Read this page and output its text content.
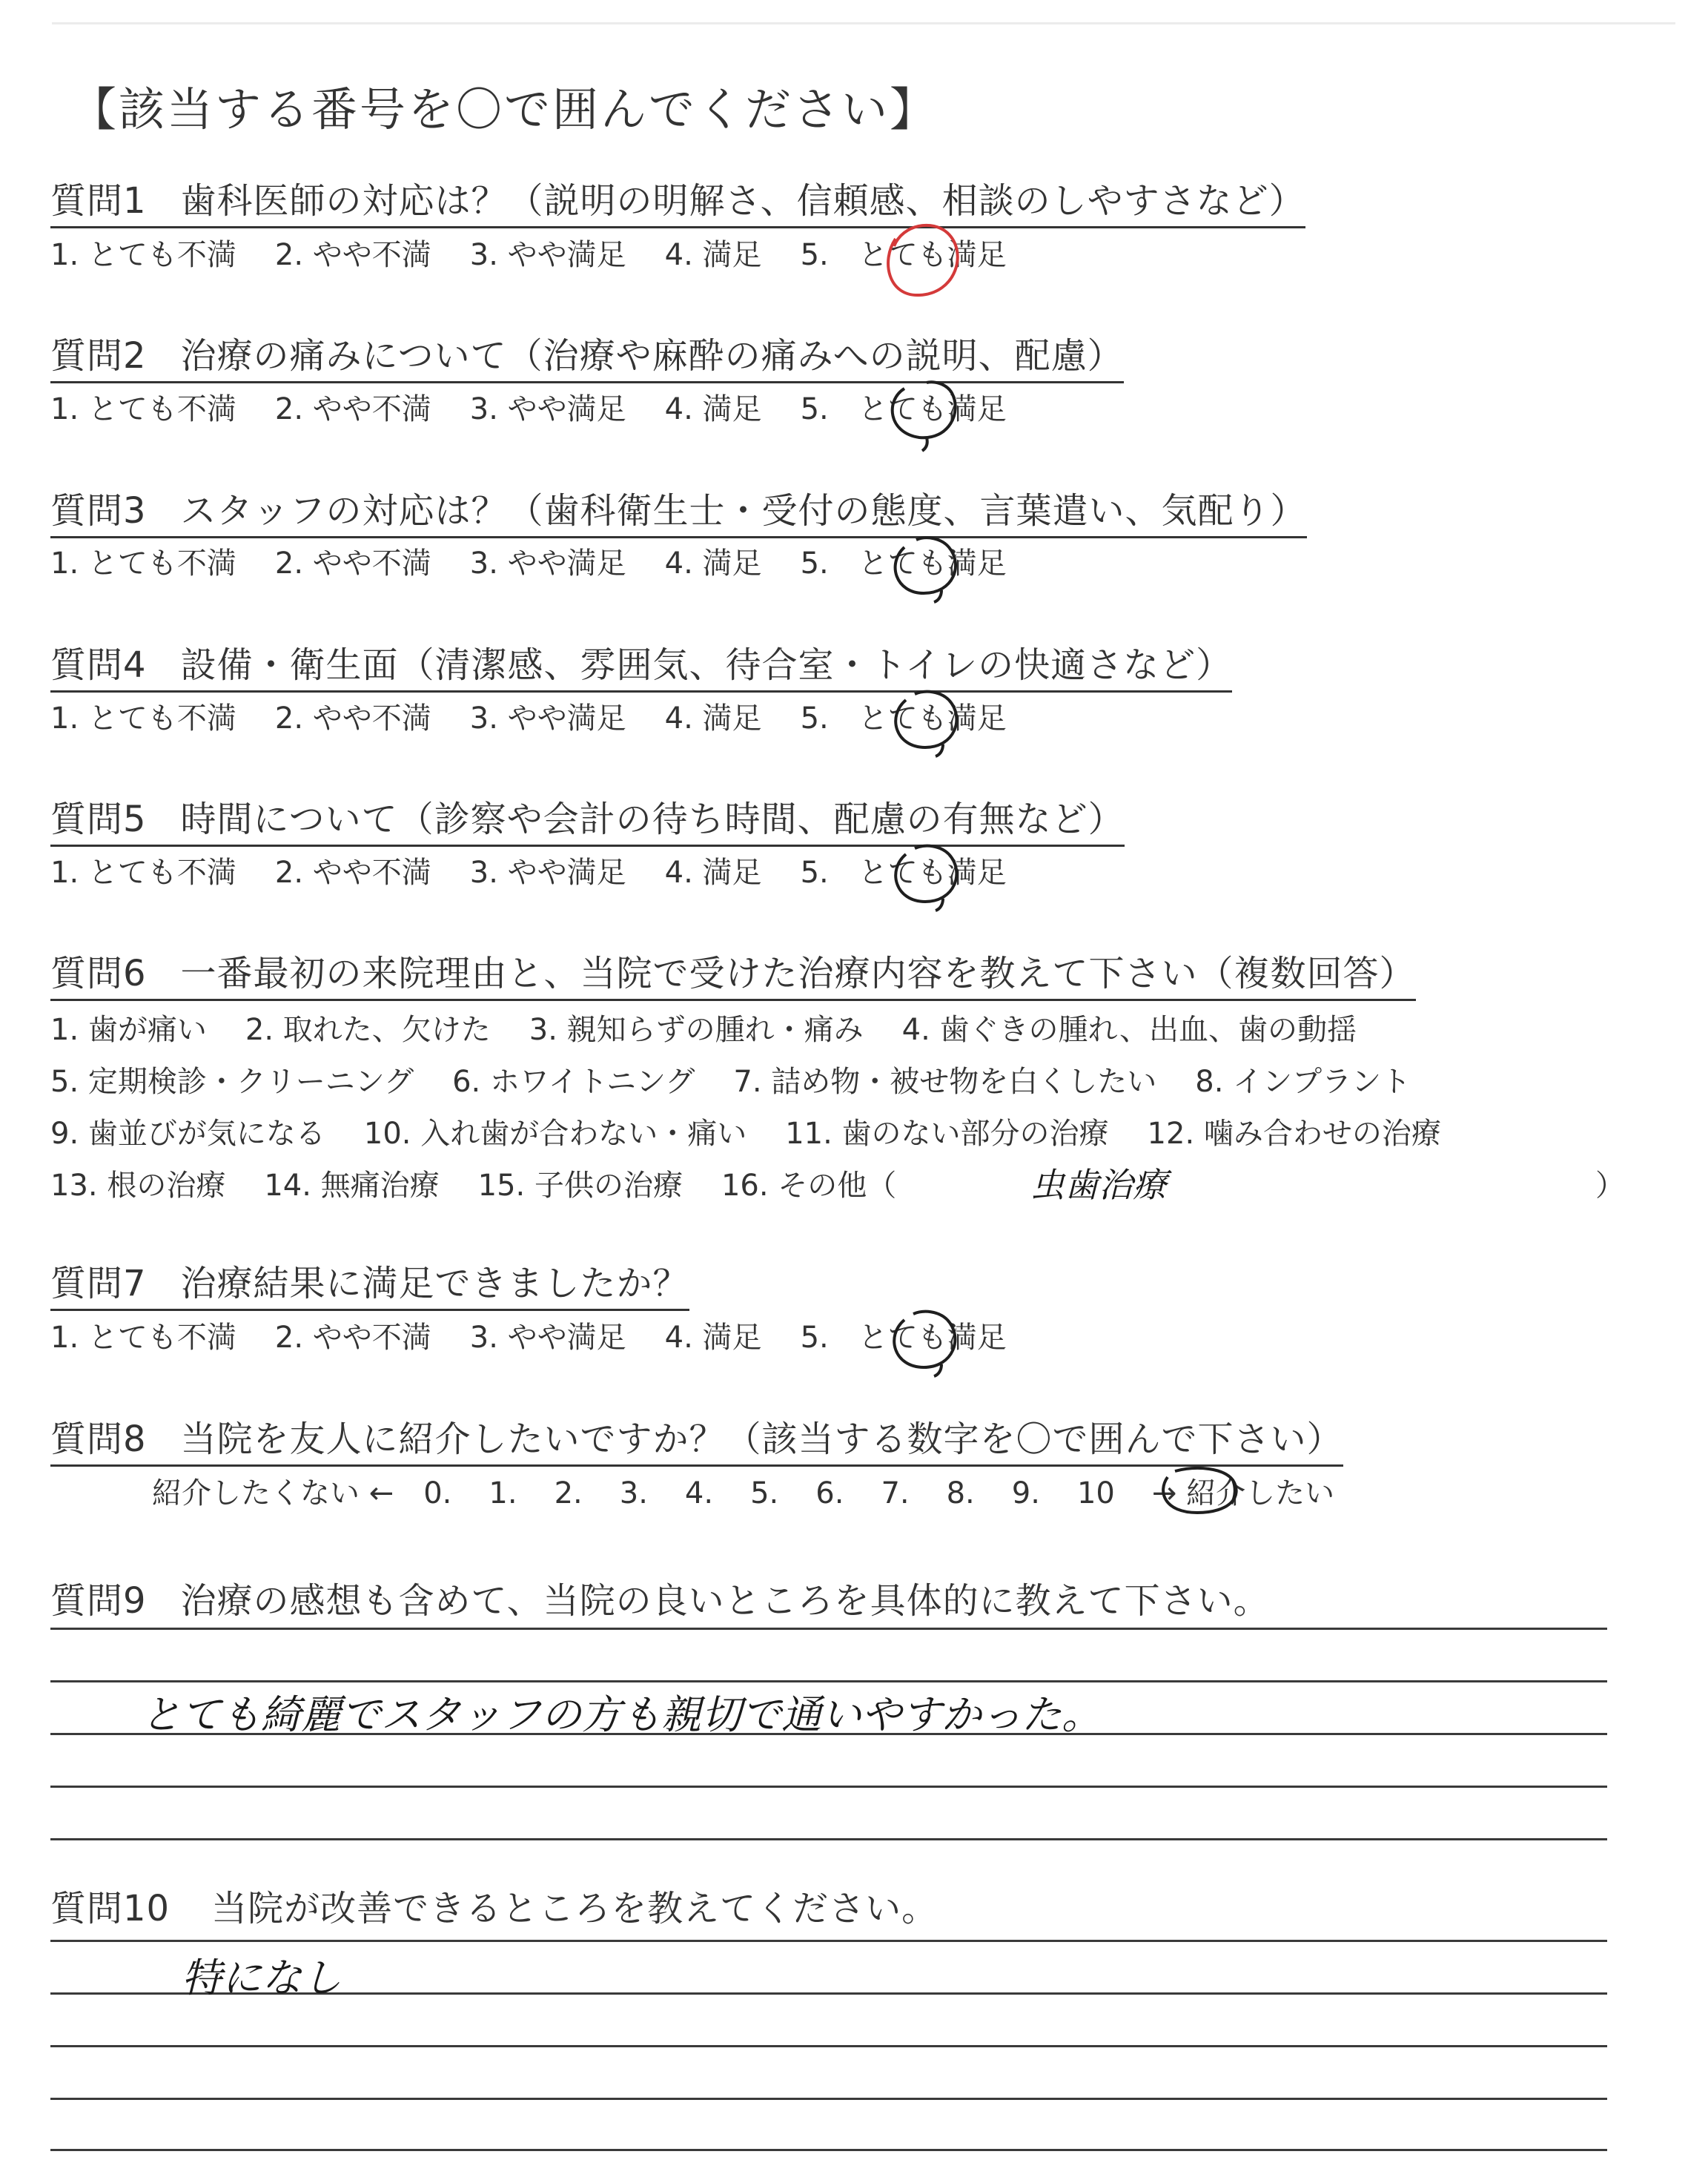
【該当する番号を〇で囲んでください】
質問1 歯科医師の対応は？（説明の明解さ、信頼感、相談のしやすさなど）
1. とても不満 2. やや不満 3. やや満足 4. 満足 5. とても満足
質問2 治療の痛みについて（治療や麻酔の痛みへの説明、配慮）
1. とても不満 2. やや不満 3. やや満足 4. 満足 5. とても満足
質問3 スタッフの対応は？（歯科衛生士・受付の態度、言葉遣い、気配り）
1. とても不満 2. やや不満 3. やや満足 4. 満足 5. とても満足
質問4 設備・衛生面（清潔感、雰囲気、待合室・トイレの快適さなど）
1. とても不満 2. やや不満 3. やや満足 4. 満足 5. とても満足
質問5 時間について（診察や会計の待ち時間、配慮の有無など）
1. とても不満 2. やや不満 3. やや満足 4. 満足 5. とても満足
質問6 一番最初の来院理由と、当院で受けた治療内容を教えて下さい（複数回答）
1. 歯が痛い 2. 取れた、欠けた 3. 親知らずの腫れ・痛み 4. 歯ぐきの腫れ、出血、歯の動揺
5. 定期検診・クリーニング 6. ホワイトニング 7. 詰め物・被せ物を白くしたい 8. インプラント
9. 歯並びが気になる 10. 入れ歯が合わない・痛い 11. 歯のない部分の治療 12. 噛み合わせの治療
13. 根の治療 14. 無痛治療 15. 子供の治療 16. その他（	虫歯治療	）
質問7 治療結果に満足できましたか？
1. とても不満 2. やや不満 3. やや満足 4. 満足 5. とても満足
質問8 当院を友人に紹介したいですか？（該当する数字を〇で囲んで下さい）
紹介したくない ← 0. 1. 2. 3. 4. 5. 6. 7. 8. 9. 10 → 紹介したい
質問9 治療の感想も含めて、当院の良いところを具体的に教えて下さい。
とても綺麗でスタッフの方も親切で通いやすかった。
質問10 当院が改善できるところを教えてください。
特になし
